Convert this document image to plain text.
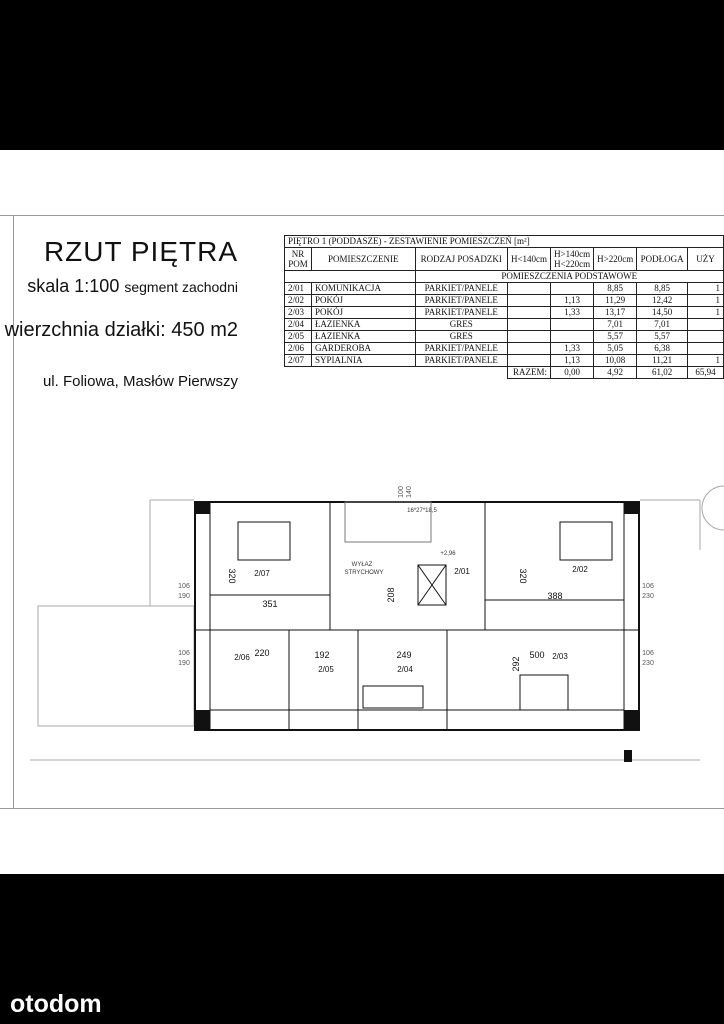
RZUT PIĘTRA
skala 1:100 segment zachodni
wierzchnia działki: 450 m2
ul. Foliowa, Masłów Pierwszy
PIĘTRO 1 (PODDASZE) - ZESTAWIENIE POMIESZCZEŃ [m²]							
NR POM	POMIESZCZENIE	RODZAJ POSADZKI	H<140cm	H>140cm H<220cm	H>220cm	PODŁOGA	UŻY
		POMIESZCZENIA PODSTAWOWE					
2/01	KOMUNIKACJA	PARKIET/PANELE			8,85	8,85	1
2/02	POKÓJ	PARKIET/PANELE		1,13	11,29	12,42	1
2/03	POKÓJ	PARKIET/PANELE		1,33	13,17	14,50	1
2/04	ŁAZIENKA	GRES			7,01	7,01	
2/05	ŁAZIENKA	GRES			5,57	5,57	
2/06	GARDEROBA	PARKIET/PANELE		1,33	5,05	6,38	
2/07	SYPIALNIA	PARKIET/PANELE		1,13	10,08	11,21	1
			RAZEM:	0,00	4,92	61,02	65,94
2/07	2/01	2/02
2/06
2/05	2/04
2/03
320
351
208
320
388
220	192	249
292
500
106
190
106
190
106
230
106
230
100 140
16*27*18,5
WYŁAZ
STRYCHOWY
+2,96
otodom
